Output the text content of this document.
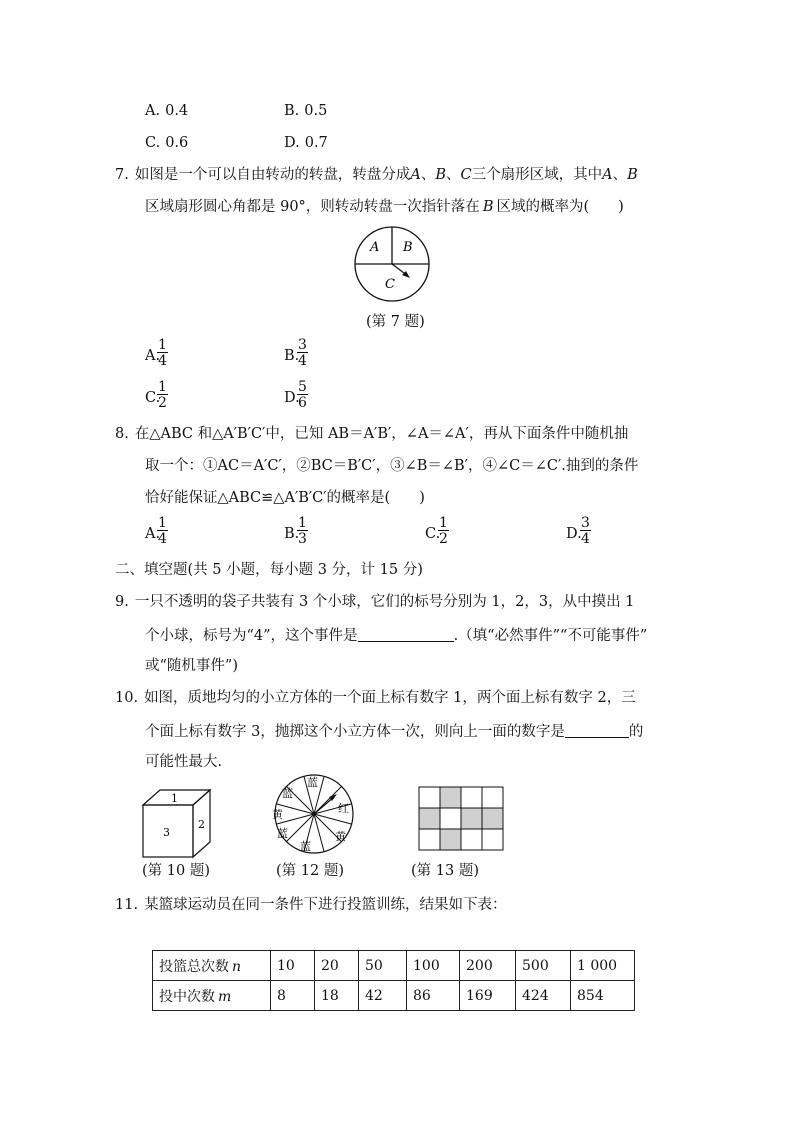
A. 0.4	B. 0.5
C. 0.6	D. 0.7
7. 如图是一个可以自由转动的转盘，转盘分成A、B、C三个扇形区域，其中A、B
区域扇形圆心角都是 90°，则转动转盘一次指针落在 B 区域的概率为(　　)
A B
C
(第 7 题)
A.
$\frac{1}{4}$	B.
$\frac{3}{4}$
C.
$\frac{1}{2}$	D.
$\frac{5}{6}$
8. 在△ABC 和△A′B′C′中，已知 AB＝A′B′，∠A＝∠A′，再从下面条件中随机抽
取一个：①AC＝A′C′，②BC＝B′C′，③∠B＝∠B′，④∠C＝∠C′.抽到的条件
恰好能保证△ABC≌△A′B′C′的概率是(　　)
A.
$\frac{1}{4}$	B.
$\frac{1}{3}$	C.
$\frac{1}{2}$	D.
$\frac{3}{4}$
二、填空题(共 5 小题，每小题 3 分，计 15 分)
9. 一只不透明的袋子共装有 3 个小球，它们的标号分别为 1，2，3，从中摸出 1
个小球，标号为“4”，这个事件是	.（填“必然事件”“不可能事件”
或“随机事件”)
10. 如图，质地均匀的小立方体的一个面上标有数字 1，两个面上标有数字 2，三
个面上标有数字 3，抛掷这个小立方体一次，则向上一面的数字是	的
可能性最大.
1
3
2
(第 10 题)
蓝
蓝
红
黄
蓝
蓝
黄
(第 12 题)	(第 13 题)
11. 某篮球运动员在同一条件下进行投篮训练，结果如下表：
投篮总次数 n	10	20	50	100	200	500	1 000
投中次数 m	8	18	42	86	169	424	854
